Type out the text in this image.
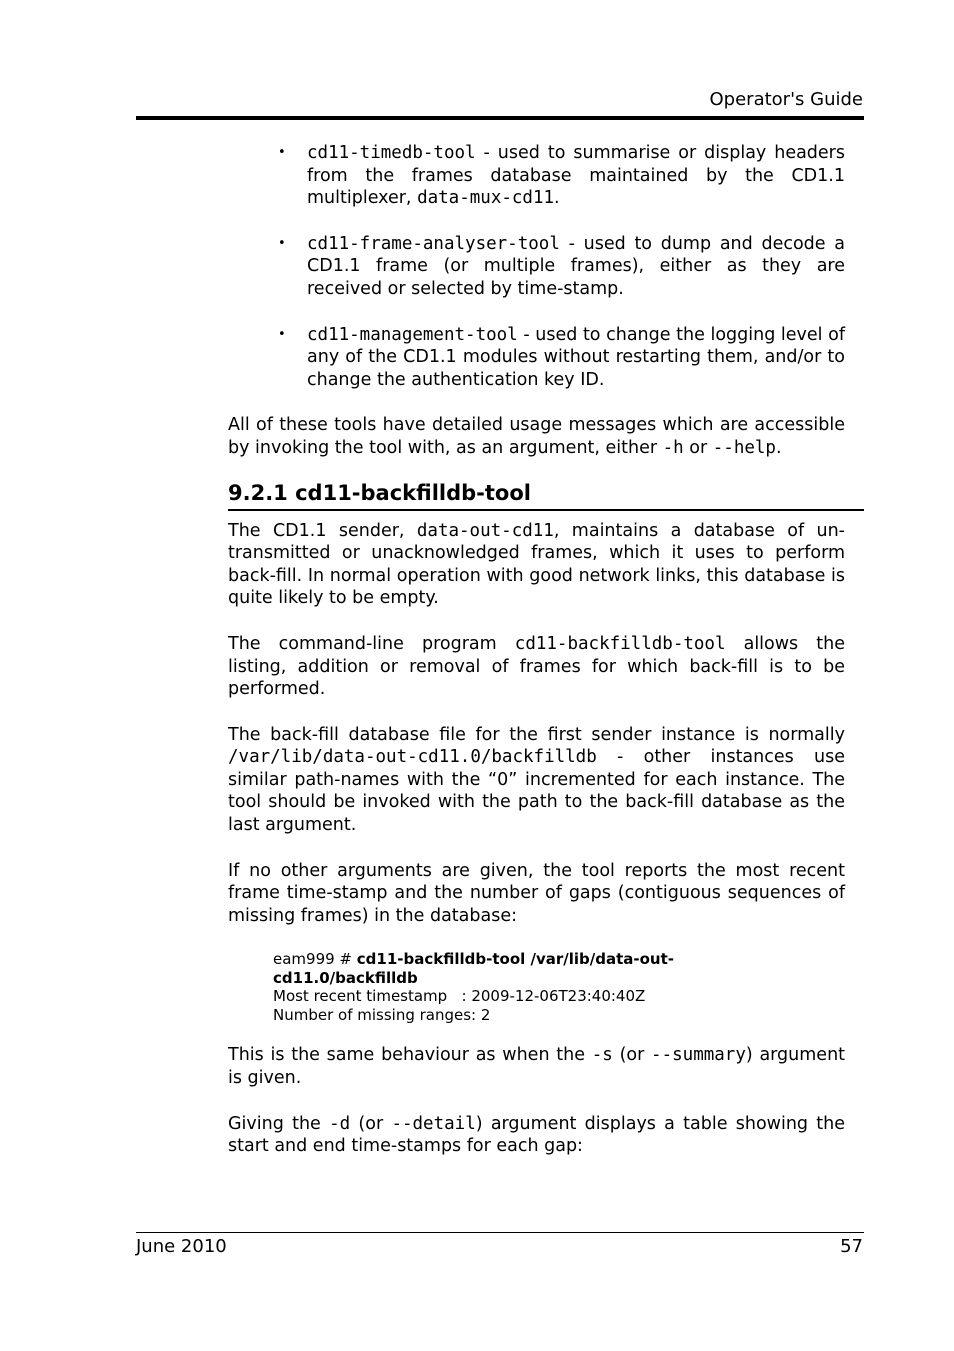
Operator's Guide
• cd11-timedb-tool - used to summarise or display headers from the frames database maintained by the CD1.1 multiplexer, data-mux-cd11.
• cd11-frame-analyser-tool - used to dump and decode a CD1.1 frame (or multiple frames), either as they are received or selected by time-stamp.
• cd11-management-tool - used to change the logging level of any of the CD1.1 modules without restarting them, and/or to change the authentication key ID.

All of these tools have detailed usage messages which are accessible by invoking the tool with, as an argument, either -h or --help.

9.2.1 cd11-backfilldb-tool

The CD1.1 sender, data-out-cd11, maintains a database of un-transmitted or unacknowledged frames, which it uses to perform back-fill. In normal operation with good network links, this database is quite likely to be empty.

The command-line program cd11-backfilldb-tool allows the listing, addition or removal of frames for which back-fill is to be performed.

The back-fill database file for the first sender instance is normally /var/lib/data-out-cd11.0/backfilldb - other instances use similar path-names with the “0” incremented for each instance. The tool should be invoked with the path to the back-fill database as the last argument.

If no other arguments are given, the tool reports the most recent frame time-stamp and the number of gaps (contiguous sequences of missing frames) in the database:

eam999 # cd11-backfilldb-tool /var/lib/data-out-cd11.0/backfilldb
Most recent timestamp   : 2009-12-06T23:40:40Z
Number of missing ranges: 2

This is the same behaviour as when the -s (or --summary) argument is given.

Giving the -d (or --detail) argument displays a table showing the start and end time-stamps for each gap:

June 2010	57
